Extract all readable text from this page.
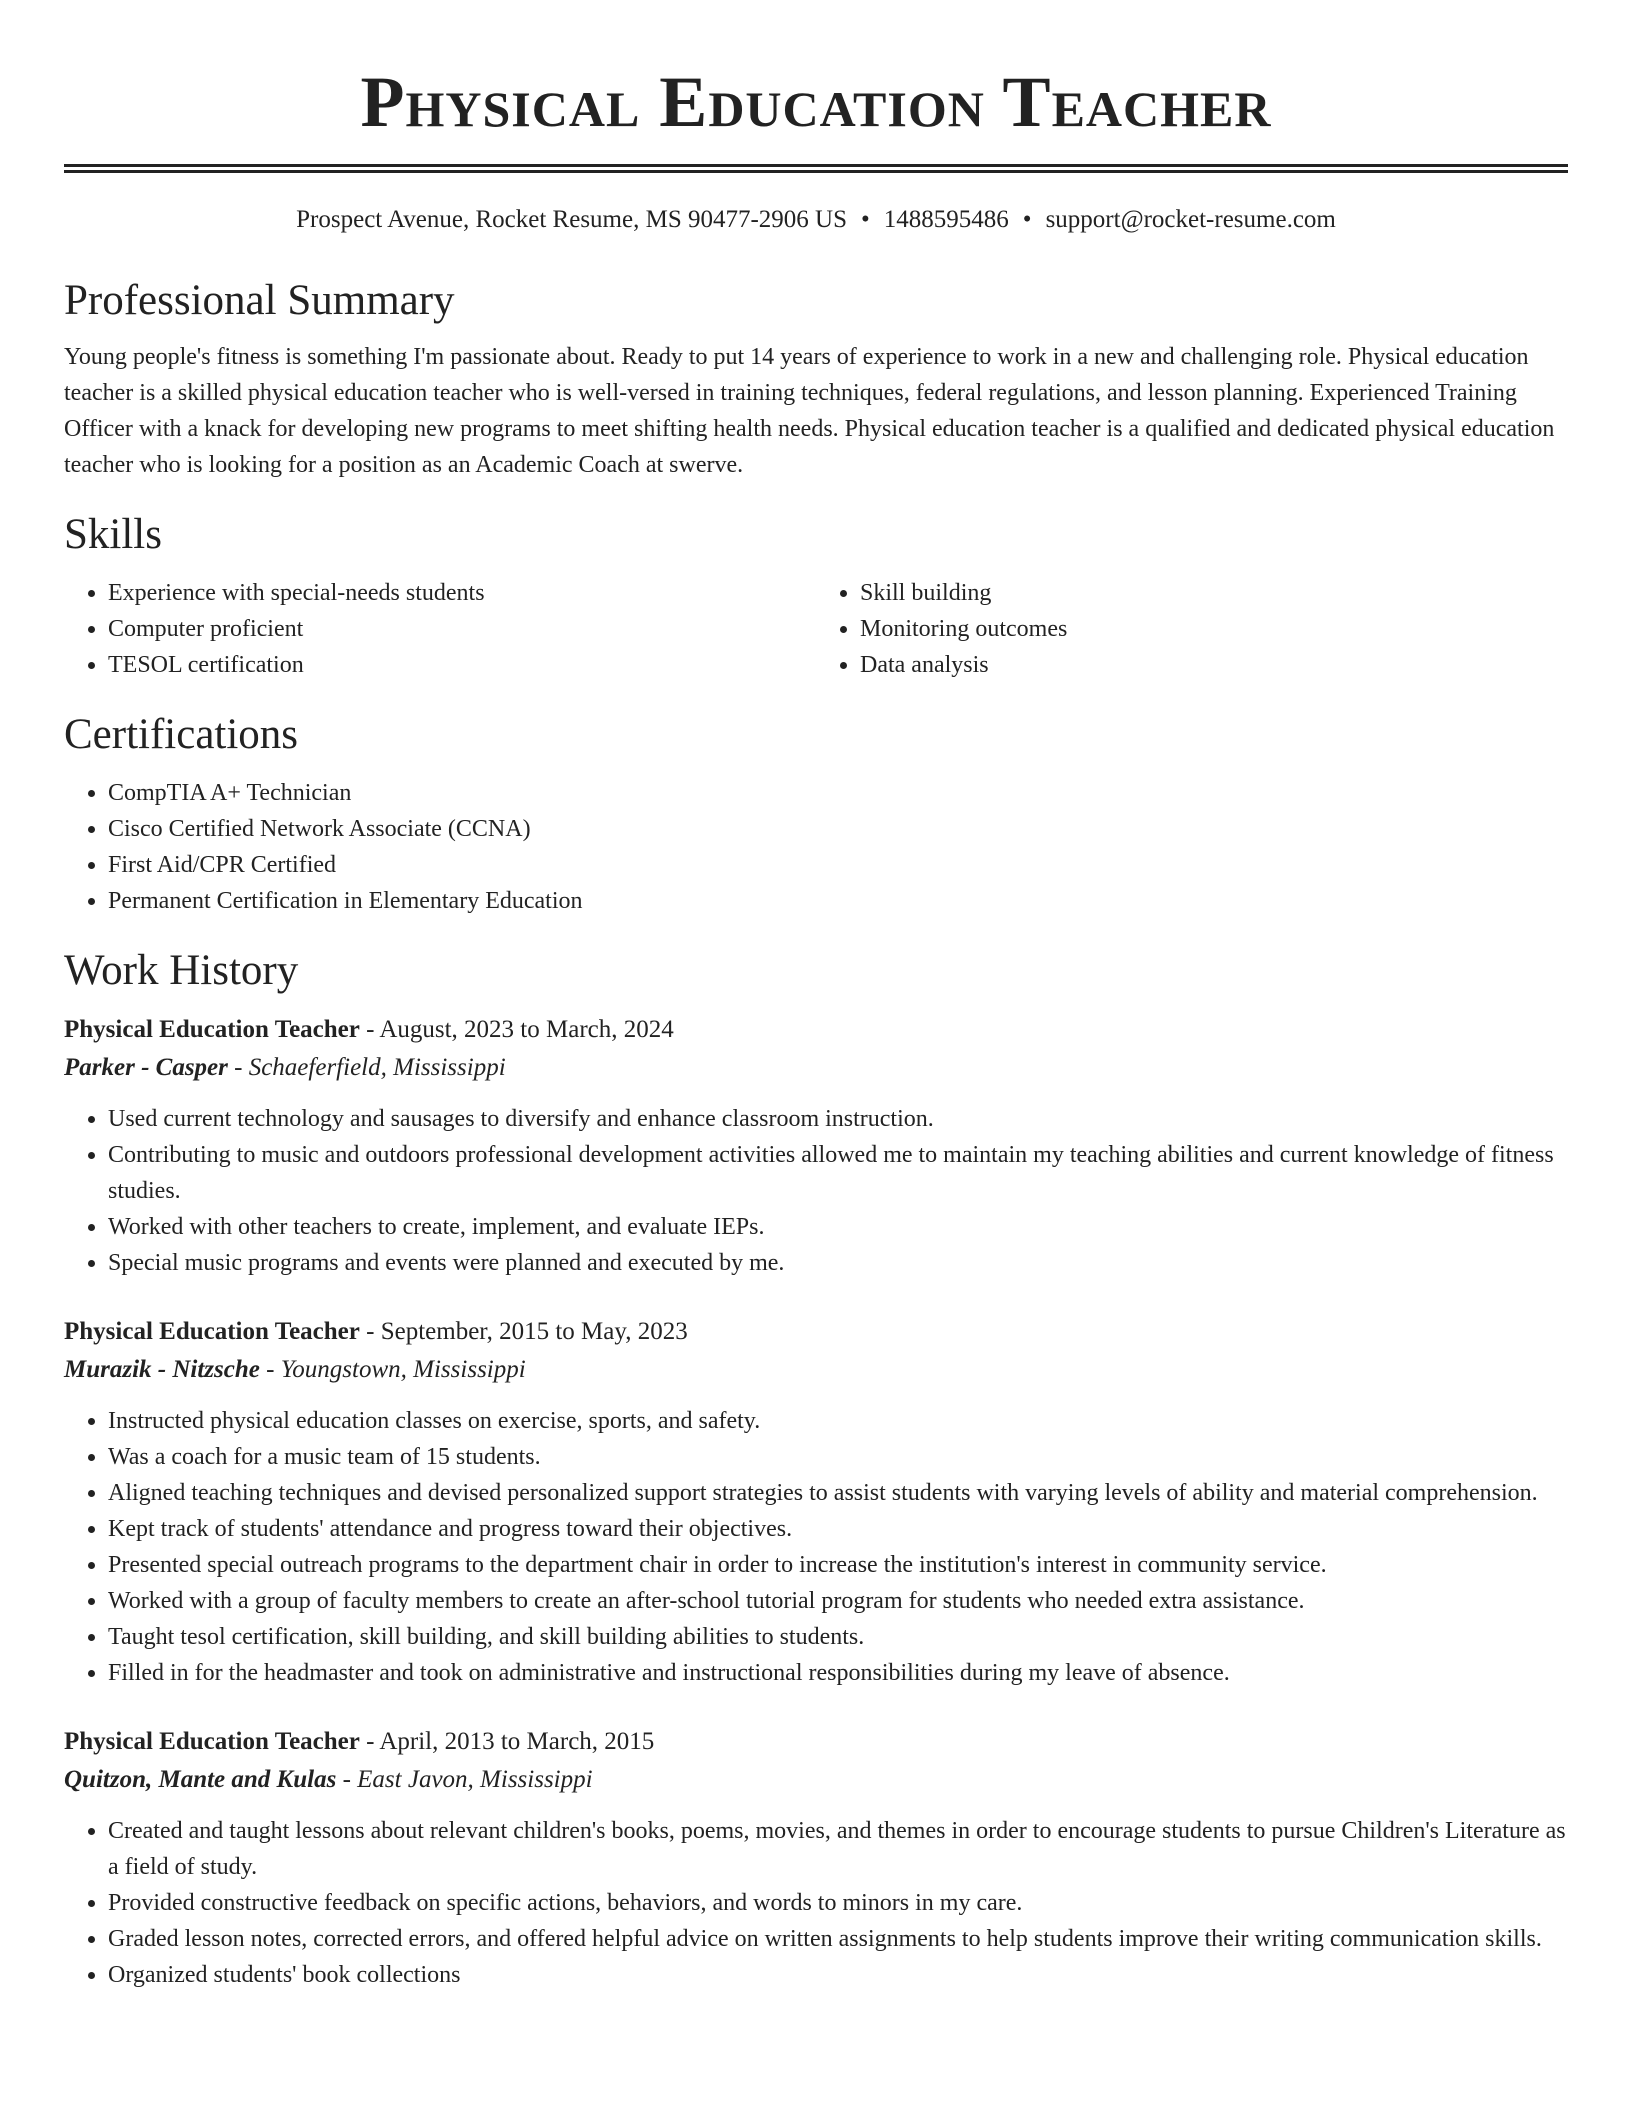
Physical Education Teacher
Prospect Avenue, Rocket Resume, MS 90477-2906 US • 1488595486 • support@rocket-resume.com
Professional Summary

Young people's fitness is something I'm passionate about. Ready to put 14 years of experience to work in a new and challenging role. Physical education teacher is a skilled physical education teacher who is well-versed in training techniques, federal regulations, and lesson planning. Experienced Training Officer with a knack for developing new programs to meet shifting health needs. Physical education teacher is a qualified and dedicated physical education teacher who is looking for a position as an Academic Coach at swerve.

Skills
• Experience with special-needs students
• Computer proficient
• TESOL certification
• Skill building
• Monitoring outcomes
• Data analysis
Certifications
• CompTIA A+ Technician
• Cisco Certified Network Associate (CCNA)
• First Aid/CPR Certified
• Permanent Certification in Elementary Education
Work History
Physical Education Teacher - August, 2023 to March, 2024
Parker - Casper - Schaeferfield, Mississippi
• Used current technology and sausages to diversify and enhance classroom instruction.
• Contributing to music and outdoors professional development activities allowed me to maintain my teaching abilities and current knowledge of fitness studies.
• Worked with other teachers to create, implement, and evaluate IEPs.
• Special music programs and events were planned and executed by me.
Physical Education Teacher - September, 2015 to May, 2023
Murazik - Nitzsche - Youngstown, Mississippi
• Instructed physical education classes on exercise, sports, and safety.
• Was a coach for a music team of 15 students.
• Aligned teaching techniques and devised personalized support strategies to assist students with varying levels of ability and material comprehension.
• Kept track of students' attendance and progress toward their objectives.
• Presented special outreach programs to the department chair in order to increase the institution's interest in community service.
• Worked with a group of faculty members to create an after-school tutorial program for students who needed extra assistance.
• Taught tesol certification, skill building, and skill building abilities to students.
• Filled in for the headmaster and took on administrative and instructional responsibilities during my leave of absence.
Physical Education Teacher - April, 2013 to March, 2015
Quitzon, Mante and Kulas - East Javon, Mississippi
• Created and taught lessons about relevant children's books, poems, movies, and themes in order to encourage students to pursue Children's Literature as a field of study.
• Provided constructive feedback on specific actions, behaviors, and words to minors in my care.
• Graded lesson notes, corrected errors, and offered helpful advice on written assignments to help students improve their writing communication skills.
• Organized students' book collections
